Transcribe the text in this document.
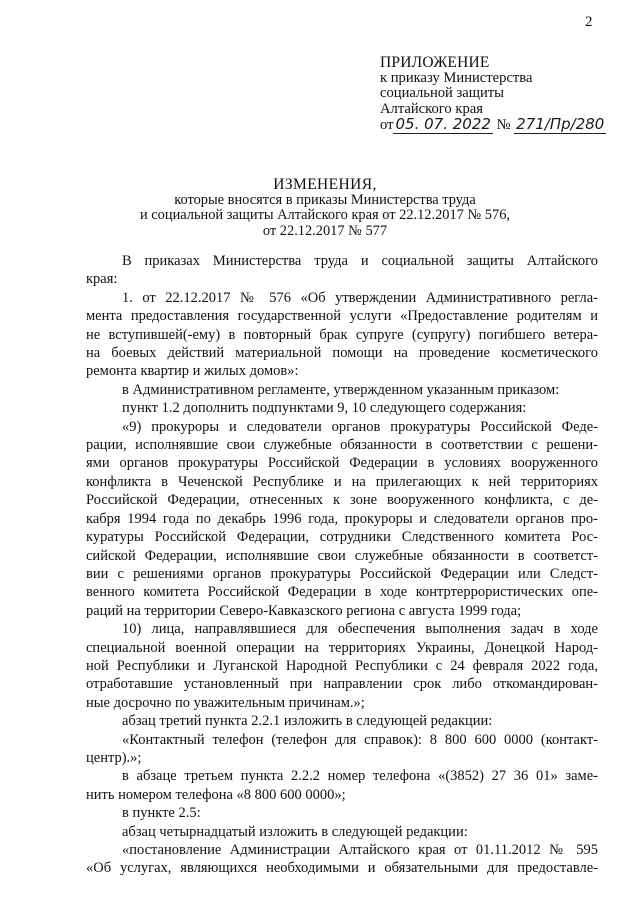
2
ПРИЛОЖЕНИЕ
к приказу Министерства
социальной защиты
Алтайского края
от 05. 07. 2022 № 271/Пр/280
ИЗМЕНЕНИЯ,
которые вносятся в приказы Министерства труда
и социальной защиты Алтайского края от 22.12.2017 № 576,
от 22.12.2017 № 577
В приказах Министерства труда и социальной защиты Алтайского
края:
1. от 22.12.2017 № 576 «Об утверждении Административного регла-
мента предоставления государственной услуги «Предоставление родителям и
не вступившей(-ему) в повторный брак супруге (супругу) погибшего ветера-
на боевых действий материальной помощи на проведение косметического
ремонта квартир и жилых домов»:
в Административном регламенте, утвержденном указанным приказом:
пункт 1.2 дополнить подпунктами 9, 10 следующего содержания:
«9) прокуроры и следователи органов прокуратуры Российской Феде-
рации, исполнявшие свои служебные обязанности в соответствии с решени-
ями органов прокуратуры Российской Федерации в условиях вооруженного
конфликта в Чеченской Республике и на прилегающих к ней территориях
Российской Федерации, отнесенных к зоне вооруженного конфликта, с де-
кабря 1994 года по декабрь 1996 года, прокуроры и следователи органов про-
куратуры Российской Федерации, сотрудники Следственного комитета Рос-
сийской Федерации, исполнявшие свои служебные обязанности в соответст-
вии с решениями органов прокуратуры Российской Федерации или Следст-
венного комитета Российской Федерации в ходе контртеррористических опе-
раций на территории Северо-Кавказского региона с августа 1999 года;
10) лица, направлявшиеся для обеспечения выполнения задач в ходе
специальной военной операции на территориях Украины, Донецкой Народ-
ной Республики и Луганской Народной Республики с 24 февраля 2022 года,
отработавшие установленный при направлении срок либо откомандирован-
ные досрочно по уважительным причинам.»;
абзац третий пункта 2.2.1 изложить в следующей редакции:
«Контактный телефон (телефон для справок): 8 800 600 0000 (контакт-
центр).»;
в абзаце третьем пункта 2.2.2 номер телефона «(3852) 27 36 01» заме-
нить номером телефона «8 800 600 0000»;
в пункте 2.5:
абзац четырнадцатый изложить в следующей редакции:
«постановление Администрации Алтайского края от 01.11.2012 № 595
«Об услугах, являющихся необходимыми и обязательными для предоставле-
